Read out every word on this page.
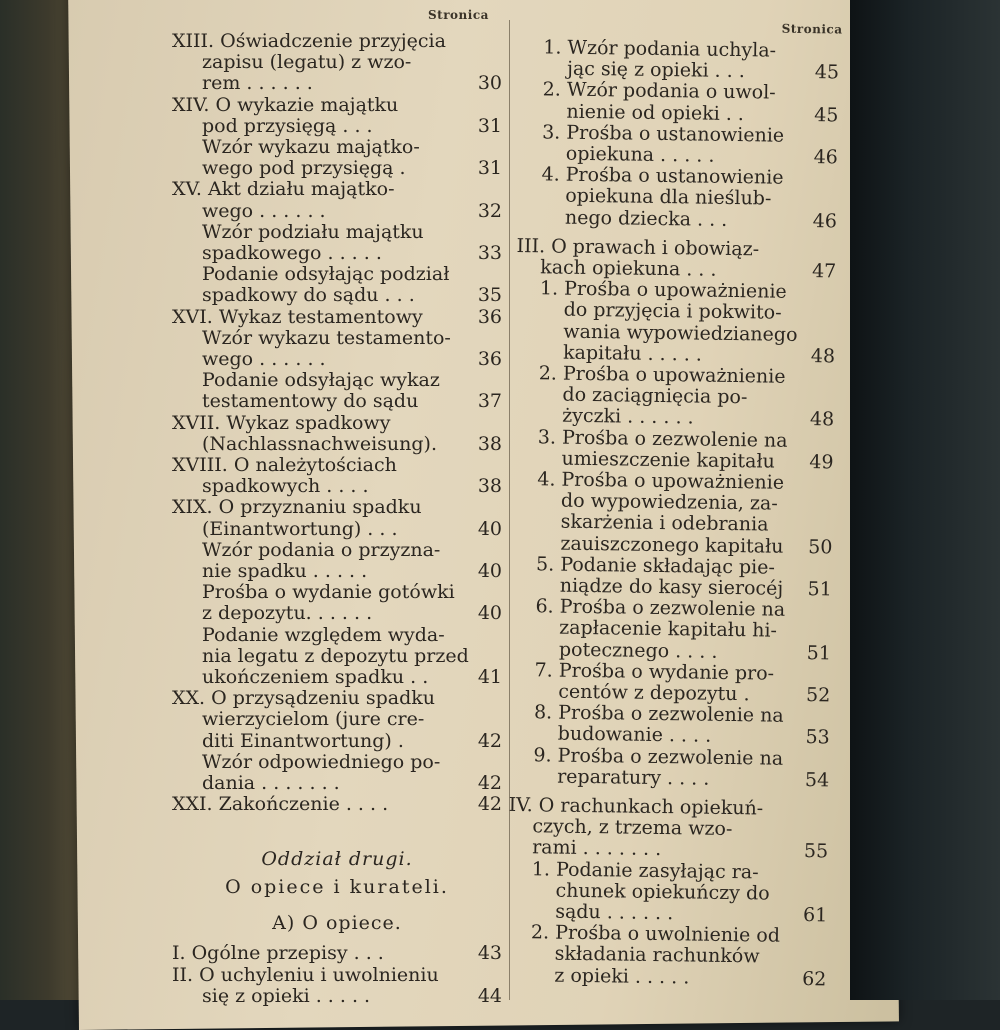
Stronica
XIII. Oświadczenie przyjęcia
zapisu (legatu) z wzo-
rem . . . . . .	30
XIV. O wykazie majątku
pod przysięgą . . .	31
Wzór wykazu majątko-
wego pod przysięgą .	31
XV. Akt działu majątko-
wego . . . . . .	32
Wzór podziału majątku
spadkowego . . . . .	33
Podanie odsyłając podział
spadkowy do sądu . . .	35
XVI. Wykaz testamentowy	36
Wzór wykazu testamento-
wego . . . . . .	36
Podanie odsyłając wykaz
testamentowy do sądu	37
XVII. Wykaz spadkowy
(Nachlassnachweisung). 38
XVIII. O należytościach
spadkowych . . . .	38
XIX. O przyznaniu spadku
(Einantwortung) . . .	40
Wzór podania o przyzna-
nie spadku . . . . .	40
Prośba o wydanie gotówki
z depozytu. . . . . .	40
Podanie względem wyda-
nia legatu z depozytu przed
ukończeniem spadku . .	41
XX. O przysądzeniu spadku
wierzycielom (jure cre-
diti Einantwortung) .	42
Wzór odpowiedniego po-
dania . . . . . . .	42
XXI. Zakończenie . . . .	42
Oddział drugi.
O opiece i kurateli.
A) O opiece.
I. Ogólne przepisy . . .	43
II. O uchyleniu i uwolnieniu
się z opieki . . . . .	44
Stronica
1. Wzór podania uchyla-
jąc się z opieki . . .	45
2. Wzór podania o uwol-
nienie od opieki . .	45
3. Prośba o ustanowienie
opiekuna . . . . .	46
4. Prośba o ustanowienie
opiekuna dla nieślub-
nego dziecka . . .	46
III. O prawach i obowiąz-
kach opiekuna . . .	47
1. Prośba o upoważnienie
do przyjęcia i pokwito-
wania wypowiedzianego
kapitału . . . . .	48
2. Prośba o upoważnienie
do zaciągnięcia po-
życzki . . . . . .	48
3. Prośba o zezwolenie na
umieszczenie kapitału 49
4. Prośba o upoważnienie
do wypowiedzenia, za-
skarżenia i odebrania
zauiszczonego kapitału 50
5. Podanie składając pie-
niądze do kasy sierocéj 51
6. Prośba o zezwolenie na
zapłacenie kapitału hi-
potecznego . . . .	51
7. Prośba o wydanie pro-
centów z depozytu .	52
8. Prośba o zezwolenie na
budowanie . . . .	53
9. Prośba o zezwolenie na
reparatury . . . .	54
IV. O rachunkach opiekuń-
czych, z trzema wzo-
rami . . . . . . .	55
1. Podanie zasyłając ra-
chunek opiekuńczy do
sądu . . . . . .	61
2. Prośba o uwolnienie od
składania rachunków
z opieki . . . . .	62
